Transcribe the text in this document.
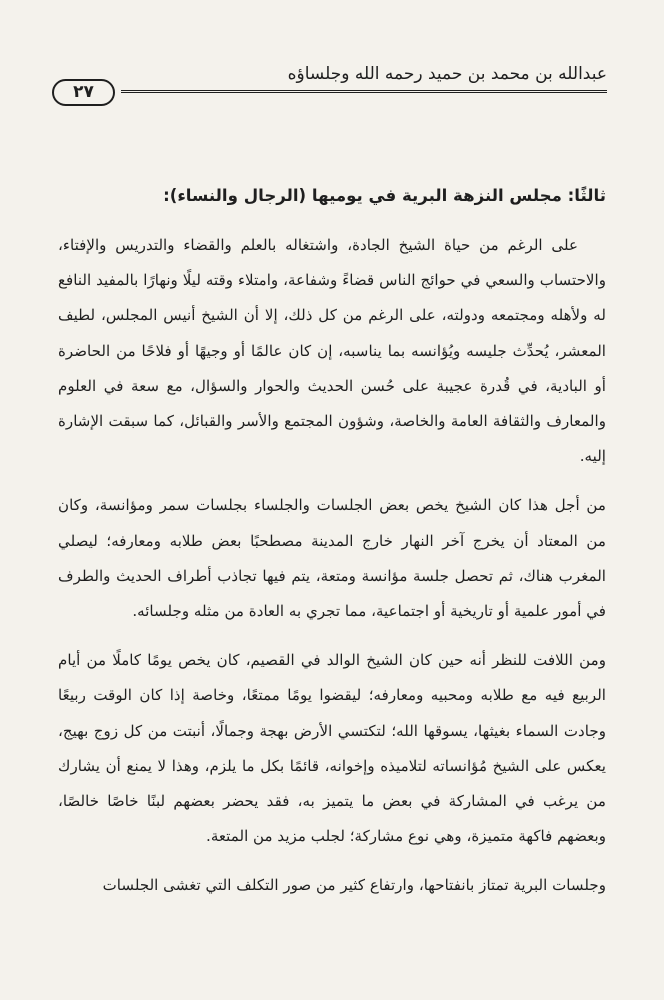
عبدالله بن محمد بن حميد رحمه الله وجلساؤه
٢٧
ثالثًا: مجلس النزهة البرية في يوميها (الرجال والنساء):

على الرغم من حياة الشيخ الجادة، واشتغاله بالعلم والقضاء والتدريس والإفتاء، والاحتساب والسعي في حوائج الناس قضاءً وشفاعة، وامتلاء وقته ليلًا ونهارًا بالمفيد النافع له ولأهله ومجتمعه ودولته، على الرغم من كل ذلك، إلا أن الشيخ أنيس المجلس، لطيف المعشر، يُحدِّث جليسه ويُؤانسه بما يناسبه، إن كان عالمًا أو وجيهًا أو فلاحًا من الحاضرة أو البادية، في قُدرة عجيبة على حُسن الحديث والحوار والسؤال، مع سعة في العلوم والمعارف والثقافة العامة والخاصة، وشؤون المجتمع والأسر والقبائل، كما سبقت الإشارة إليه.

من أجل هذا كان الشيخ يخص بعض الجلسات والجلساء بجلسات سمر ومؤانسة، وكان من المعتاد أن يخرج آخر النهار خارج المدينة مصطحبًا بعض طلابه ومعارفه؛ ليصلي المغرب هناك، ثم تحصل جلسة مؤانسة ومتعة، يتم فيها تجاذب أطراف الحديث والطرف في أمور علمية أو تاريخية أو اجتماعية، مما تجري به العادة من مثله وجلسائه.

ومن اللافت للنظر أنه حين كان الشيخ الوالد في القصيم، كان يخص يومًا كاملًا من أيام الربيع فيه مع طلابه ومحبيه ومعارفه؛ ليقضوا يومًا ممتعًا، وخاصة إذا كان الوقت ربيعًا وجادت السماء بغيثها، يسوقها الله؛ لتكتسي الأرض بهجة وجمالًا، أنبتت من كل زوج بهيج، يعكس على الشيخ مُؤانساته لتلاميذه وإخوانه، قائمًا بكل ما يلزم، وهذا لا يمنع أن يشارك من يرغب في المشاركة في بعض ما يتميز به، فقد يحضر بعضهم لبنًا خاصًا خالصًا، وبعضهم فاكهة متميزة، وهي نوع مشاركة؛ لجلب مزيد من المتعة.

وجلسات البرية تمتاز بانفتاحها، وارتفاع كثير من صور التكلف التي تغشى الجلسات
